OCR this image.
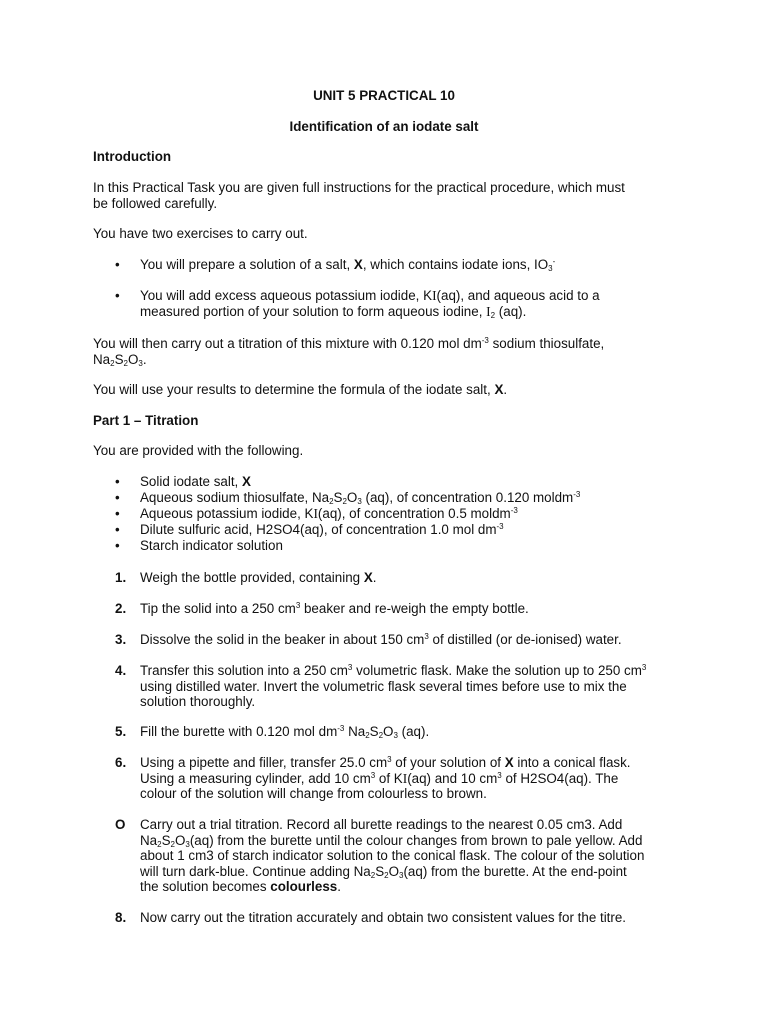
UNIT 5 PRACTICAL 10
Identification of an iodate salt
Introduction
In this Practical Task you are given full instructions for the practical procedure, which must
be followed carefully.
You have two exercises to carry out.
• You will prepare a solution of a salt, X, which contains iodate ions, $IO_3^-$
• You will add excess aqueous potassium iodide, KI(aq), and aqueous acid to a
measured portion of your solution to form aqueous iodine, $I_2$ (aq).
You will then carry out a titration of this mixture with 0.120 mol $dm^{-3}$ sodium thiosulfate,
$Na_2S_2O_3$.
You will use your results to determine the formula of the iodate salt, X.
Part 1 – Titration
You are provided with the following.
• Solid iodate salt, X
• Aqueous sodium thiosulfate, $Na_2S_2O_3$ (aq), of concentration 0.120 moldm$^{-3}$
• Aqueous potassium iodide, KI(aq), of concentration 0.5 moldm$^{-3}$
• Dilute sulfuric acid, H2SO4(aq), of concentration 1.0 mol $dm^{-3}$
• Starch indicator solution
1. Weigh the bottle provided, containing X.
2. Tip the solid into a 250 $cm^3$ beaker and re-weigh the empty bottle.
3. Dissolve the solid in the beaker in about 150 $cm^3$ of distilled (or de-ionised) water.
4. Transfer this solution into a 250 $cm^3$ volumetric flask. Make the solution up to 250 $cm^3$
using distilled water. Invert the volumetric flask several times before use to mix the
solution thoroughly.
5. Fill the burette with 0.120 mol $dm^{-3}$ $Na_2S_2O_3$ (aq).
6. Using a pipette and filler, transfer 25.0 $cm^3$ of your solution of X into a conical flask.
Using a measuring cylinder, add 10 $cm^3$ of KI(aq) and 10 $cm^3$ of H2SO4(aq). The
colour of the solution will change from colourless to brown.
O Carry out a trial titration. Record all burette readings to the nearest 0.05 cm3. Add
$Na_2S_2O_3(aq)$ from the burette until the colour changes from brown to pale yellow. Add
about 1 cm3 of starch indicator solution to the conical flask. The colour of the solution
will turn dark-blue. Continue adding $Na_2S_2O_3(aq)$ from the burette. At the end-point
the solution becomes colourless.
8. Now carry out the titration accurately and obtain two consistent values for the titre.
